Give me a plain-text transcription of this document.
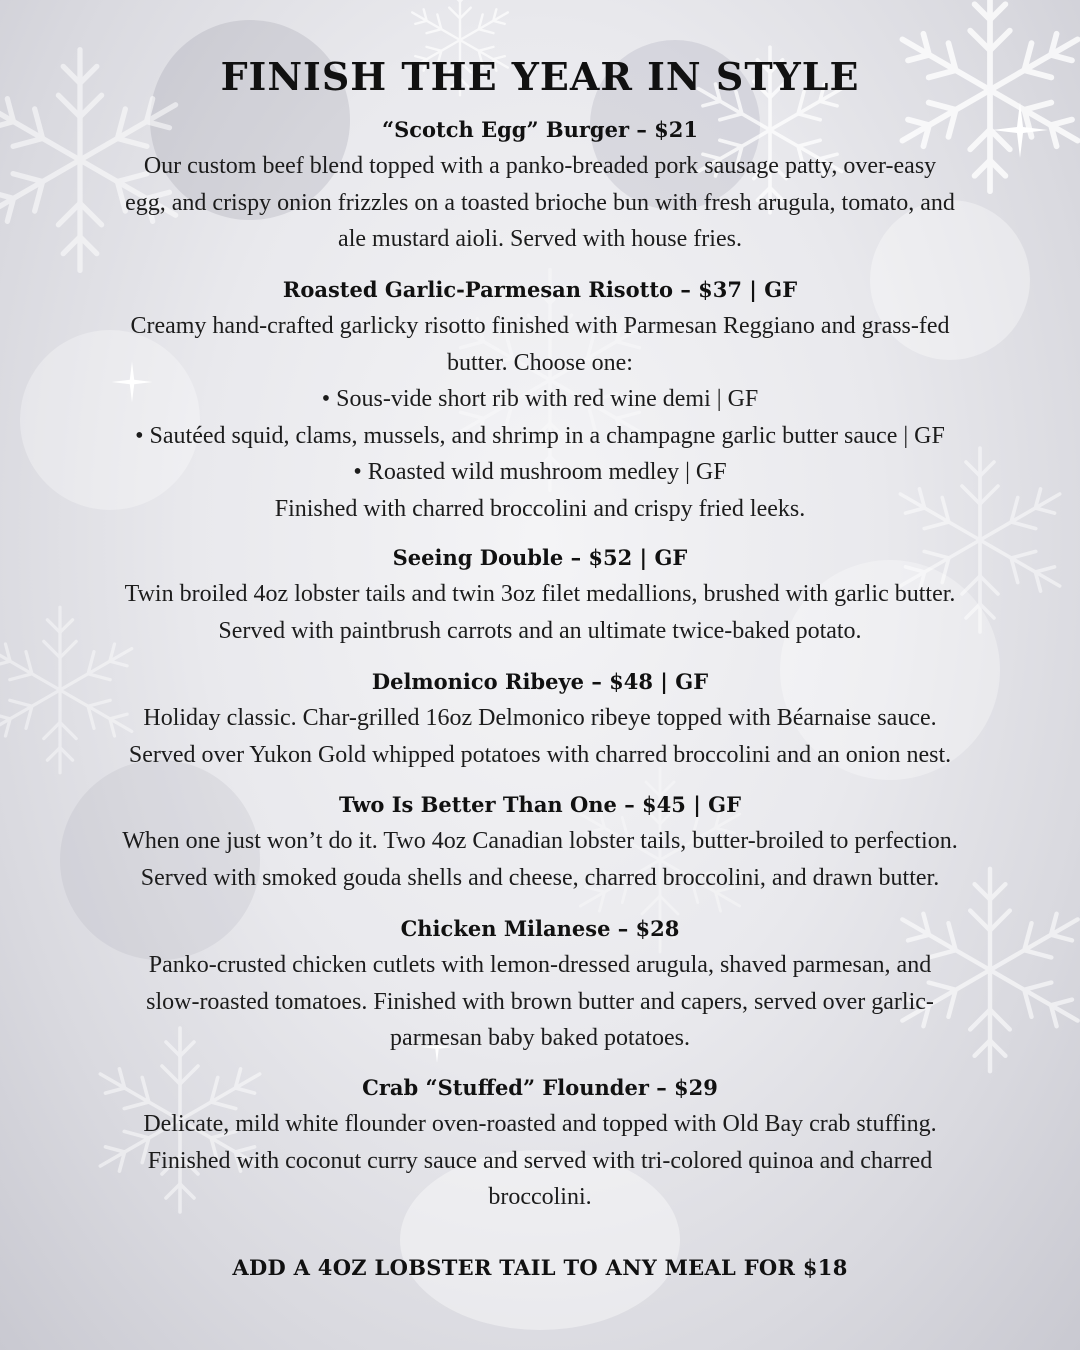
FINISH THE YEAR IN STYLE
“Scotch Egg” Burger – $21
Our custom beef blend topped with a panko-breaded pork sausage patty, over-easy
egg, and crispy onion frizzles on a toasted brioche bun with fresh arugula, tomato, and
ale mustard aioli. Served with house fries.
Roasted Garlic-Parmesan Risotto – $37 | GF
Creamy hand-crafted garlicky risotto finished with Parmesan Reggiano and grass-fed
butter. Choose one:
• Sous-vide short rib with red wine demi | GF
• Sautéed squid, clams, mussels, and shrimp in a champagne garlic butter sauce | GF
• Roasted wild mushroom medley | GF
Finished with charred broccolini and crispy fried leeks.
Seeing Double – $52 | GF
Twin broiled 4oz lobster tails and twin 3oz filet medallions, brushed with garlic butter.
Served with paintbrush carrots and an ultimate twice-baked potato.
Delmonico Ribeye – $48 | GF
Holiday classic. Char-grilled 16oz Delmonico ribeye topped with Béarnaise sauce.
Served over Yukon Gold whipped potatoes with charred broccolini and an onion nest.
Two Is Better Than One – $45 | GF
When one just won’t do it. Two 4oz Canadian lobster tails, butter-broiled to perfection.
Served with smoked gouda shells and cheese, charred broccolini, and drawn butter.
Chicken Milanese – $28
Panko-crusted chicken cutlets with lemon-dressed arugula, shaved parmesan, and
slow-roasted tomatoes. Finished with brown butter and capers, served over garlic-
parmesan baby baked potatoes.
Crab “Stuffed” Flounder – $29
Delicate, mild white flounder oven-roasted and topped with Old Bay crab stuffing.
Finished with coconut curry sauce and served with tri-colored quinoa and charred
broccolini.
ADD A 4OZ LOBSTER TAIL TO ANY MEAL FOR $18
